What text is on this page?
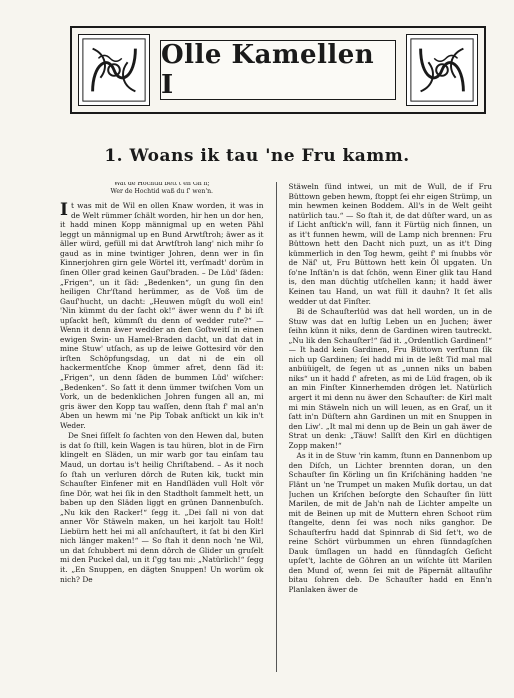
Olle Kamellen I
1. Woans ik tau 'ne Fru kamm.
Wat de Hochtid bett't en Gn'n;
Wer de Hochtid waß du ſ' wen'n.

It was mit de Wil en ollen Knaw worden, it was in de Welt rümmer ſchält worden, hir hen un dor hen, it hadd minen Kopp männigmal up en weten Pähl leggt un männigmal up en Bund Arwtſtroh; äwer as it äller würd, gefüll mi dat Arwtſtroh lang' nich mihr ſo gaud as in mine twintiger Johren, denn wer in ſin Kinnerjohren girn gele Wörtel itt, verſmadt' dorüm in ſinen Oller grad keinen Gauſ'braden. – De Lüd' ſäden: „Frigen“, un it ſäd: „Bedenken“, un gung ſin den heiligen Chr'ſtand herümmer, as de Voß üm de Gauſ'hucht, un dacht: „Heuwen mügſt du woll ein! 'Nin kümmt du der ſacht ok!“ äwer wenn du f' bi iſt upſackt heſt, kümmſt du denn of wedder rute?“ — Wenn it denn äwer wedder an den Goſtweitſ in einen ewigen Swin- un Hamel-Braden dacht, un dat dat in mine Stuw' utſach, as up de leiwe Gottesird vör den irſten Schöpfungsdag, un dat ni de ein oll hackermentſche Knop ümmer afret, denn ſäd it: „Frigen“, un denn ſäden de bummen Lüd' wiſcher: „Bedenken“. So ſatt it denn ümmer twiſchen Vom un Vork, un de bedenklichen Johren fungen all an, mi gris äwer den Kopp tau waſſen, denn ſtah f' mal an'n Aben un hewm mi 'ne Pip Tobak anſtickt un kik in't Weder.

De Snei ſiſſelt ſo ſachten von den Hewen dal, buten is dat ſo ſtill, kein Wagen is tau hüren, blot in de Firn klingelt en Släden, un mir warb gor tau einſam tau Maud, un dortau is't heilig Chriſtabend. – As it noch ſo ſtah un verluren dörch de Ruten kik, tuckt min Schauſter Einfener mit en Handſläden vull Holt vör ſine Dör, wat hei ſik in den Stadtholt ſammelt hett, un baben up den Släden liggt en grünen Dannenbuſch. „Nu kik den Racker!“ ſegg it. „Dei ſall ni von dat anner Vör Stäweln maken, un hei karjolt tau Holt! Liebürn hett hei mi all anſchauſtert, it ſat bi den Kirl nich länger maken!“ — So ſtah it denn noch 'ne Wil, un dat ſchubbert mi denn dörch de Glider un gruſelt mi den Puckel dal, un it ſ'gg tau mi: „Natürlich!“ ſegg it. „En Snuppen, en dägten Snuppen! Un worüm ok nich? De

Stäweln ſünd intwei, un mit de Wull, de if Fru Büttown geben hewm, ſtoppt ſei ehr eigen Strümp, un min hewmen keinen Boddem. All's in de Welt geiht natürlich tau.“ — So ſtah it, de dat düſter ward, un as if Licht anſtick'n will, fann it Fürtüg nich ſinnen, un as it't funnen hewm, will de Lamp nich brennen: Fru Büttown hett den Dacht nich puzt, un as it't Ding kümmerlich in den Tog hewm, geiht f' mi ſnubbs vör de Näſ' ut, Fru Büttown hett kein Öl upgaten. Un ſo'ne Inſtän'n is dat ſchön, wenn Einer glik tau Hand is, den man düchtig utſchellen kann; it hadd äwer Keinen tau Hand, un wat füll it dauhn? It ſet alls wedder ut dat Finſter.

Bi de Schauſterlüd was dat hell worden, un in de Stuw was dat en luſtig Leben un en Juchen; äwer ſeihn künn it niks, denn de Gardinen wiren tautreckt. „Nu lik den Schauſter!“ ſäd it. „Ordentlich Gardinen!“ — It hadd kein Gardinen, Fru Büttown verſtunn ſik nich up Gardinen; ſei hadd mi in de leßt Tid mal mal anbüüigelt, de ſegen ut as „unnen niks un baben niks“ un it hadd ſ' afreten, as mi de Lüd fragen, ob ik an min Finſter Kinnerhemden drögen let. Natürlich argert it mi denn nu äwer den Schauſter: de Kirl malt mi min Stäweln nich un will leuen, as en Graf, un it ſatt in'n Düſtern ahn Gardinen un mit en Snuppen in den Liw'. „It mal mi denn up de Bein un gah äwer de Strat un denk: „Täuw! Sallſt den Kirl en düchtigen Zopp maken!“

As it in de Stuw 'rin kamm, ſtunn en Dannenbom up den Diſch, un Lichter brennten doran, un den Schauſter ſin Körling un ſin Kriſchäning hadden 'ne Flänt un 'ne Trumpet un maken Muſik dortau, un dat Juchen un Kriſchen beſorgte den Schauſter ſin lütt Marilen, de mit de Jah'n nah de Lichter ampelte un mit de Beinen up mit de Muttern ehren Schoot rüm ſtangelte, denn ſei was noch niks ganghor. De Schauſterfru hadd dat Spinnrab di Sid ſet't, wo de reine Schört vürbummen un ehren ſünndagſchen Dauk ümſlagen un hadd en ſünndagſch Geſicht upſet't, lachte de Göhren an un wiſchte ütt Marilen den Mund of, wenn ſei mit de Päpernät alltauſihr bitau ſohren deb. De Schauſter hadd en Enn'n Planlaken äwer de
